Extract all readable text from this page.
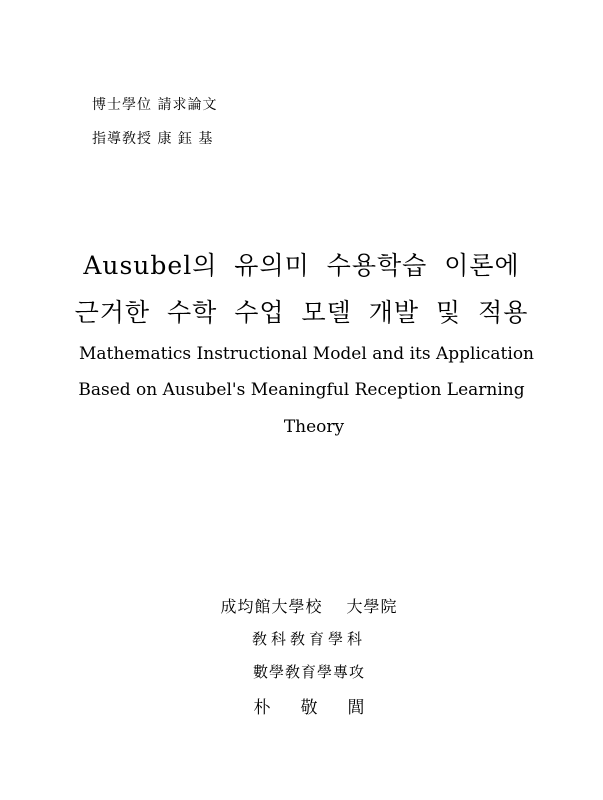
博士學位 請求論文
指導敎授 康 鈺 基
Ausubel의 유의미 수용학습 이론에
근거한 수학 수업 모델 개발 및 적용
Mathematics Instructional Model and its Application
Based on Ausubel's Meaningful Reception Learning
Theory
成均館大學校 大學院
敎科敎育學科
數學敎育學專攻
朴敬閭
